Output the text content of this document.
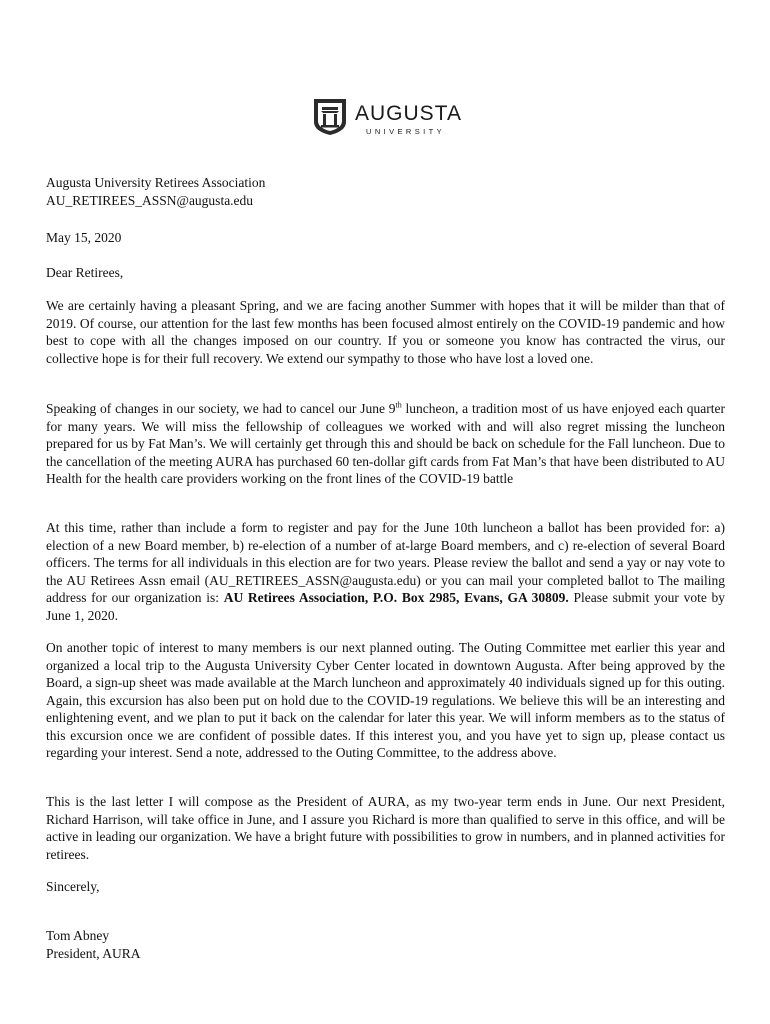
AUGUSTA
UNIVERSITY

Augusta University Retirees Association

AU_RETIREES_ASSN@augusta.edu

May 15, 2020

Dear Retirees,

We are certainly having a pleasant Spring, and we are facing another Summer with hopes that it will be milder than that of 2019. Of course, our attention for the last few months has been focused almost entirely on the COVID-19 pandemic and how best to cope with all the changes imposed on our country. If you or someone you know has contracted the virus, our collective hope is for their full recovery. We extend our sympathy to those who have lost a loved one.

Speaking of changes in our society, we had to cancel our June 9th luncheon, a tradition most of us have enjoyed each quarter for many years. We will miss the fellowship of colleagues we worked with and will also regret missing the luncheon prepared for us by Fat Man’s. We will certainly get through this and should be back on schedule for the Fall luncheon. Due to the cancellation of the meeting AURA has purchased 60 ten-dollar gift cards from Fat Man’s that have been distributed to AU Health for the health care providers working on the front lines of the COVID-19 battle

At this time, rather than include a form to register and pay for the June 10th luncheon a ballot has been provided for: a) election of a new Board member, b) re-election of a number of at-large Board members, and c) re-election of several Board officers. The terms for all individuals in this election are for two years. Please review the ballot and send a yay or nay vote to the AU Retirees Assn email (AU_RETIREES_ASSN@augusta.edu) or you can mail your completed ballot to The mailing address for our organization is: AU Retirees Association, P.O. Box 2985, Evans, GA 30809. Please submit your vote by June 1, 2020.

On another topic of interest to many members is our next planned outing. The Outing Committee met earlier this year and organized a local trip to the Augusta University Cyber Center located in downtown Augusta. After being approved by the Board, a sign-up sheet was made available at the March luncheon and approximately 40 individuals signed up for this outing. Again, this excursion has also been put on hold due to the COVID-19 regulations. We believe this will be an interesting and enlightening event, and we plan to put it back on the calendar for later this year. We will inform members as to the status of this excursion once we are confident of possible dates. If this interest you, and you have yet to sign up, please contact us regarding your interest. Send a note, addressed to the Outing Committee, to the address above.

This is the last letter I will compose as the President of AURA, as my two-year term ends in June. Our next President, Richard Harrison, will take office in June, and I assure you Richard is more than qualified to serve in this office, and will be active in leading our organization. We have a bright future with possibilities to grow in numbers, and in planned activities for retirees.

Sincerely,

Tom Abney

President, AURA
